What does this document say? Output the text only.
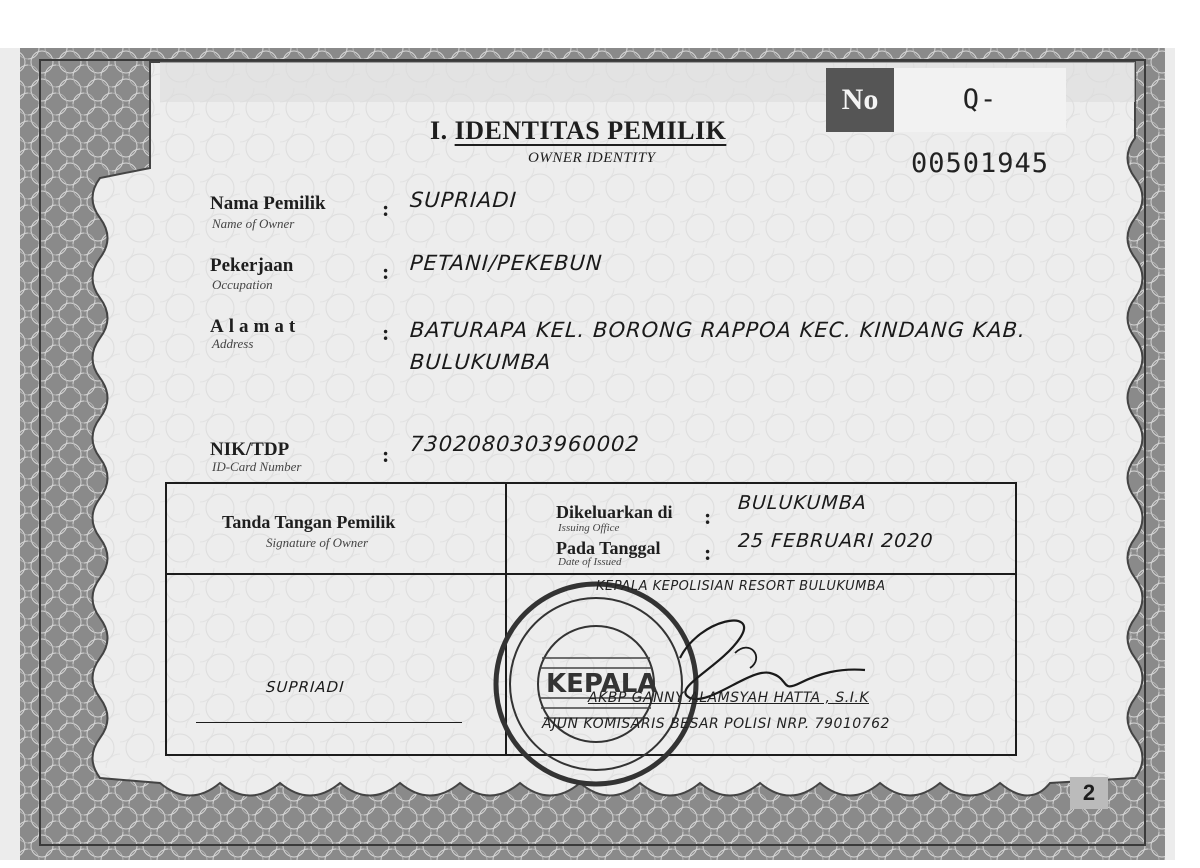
No	Q-00501945
I. IDENTITAS PEMILIK
OWNER IDENTITY
Nama Pemilik
Name of Owner
: SUPRIADI
Pekerjaan
Occupation
: PETANI/PEKEBUN
Alamat
Address	: BATURAPA KEL. BORONG RAPPOA KEC. KINDANG KAB.
BULUKUMBA
NIK/TDP
ID-Card Number	: 7302080303960002
Tanda Tangan Pemilik
Signature of Owner
SUPRIADI
Dikeluarkan di
Issuing Office	:
BULUKUMBA
Pada Tanggal
Date of Issued	: 25 FEBRUARI 2020
KEPALA
KEPALA KEPOLISIAN RESORT BULUKUMBA
AKBP GANNY ALAMSYAH HATTA , S.I.K
AJUN KOMISARIS BESAR POLISI NRP. 79010762
2
